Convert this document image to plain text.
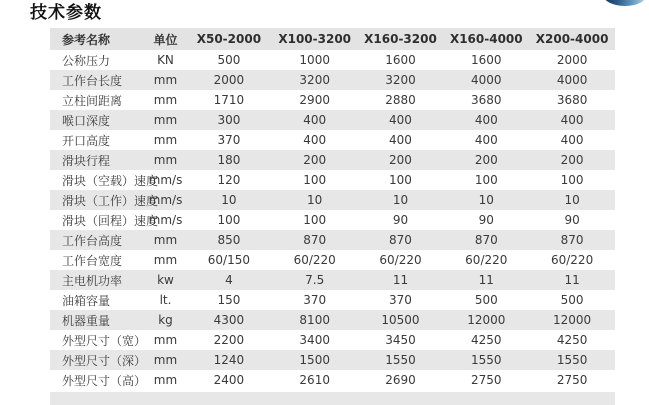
技术参数
参考名称	单位	X50-2000	X100-3200	X160-3200	X160-4000	X200-4000
公称压力	KN	500	1000	1600	1600	2000
工作台长度	mm	2000	3200	3200	4000	4000
立柱间距离	mm	1710	2900	2880	3680	3680
喉口深度	mm	300	400	400	400	400
开口高度	mm	370	400	400	400	400
滑块行程	mm	180	200	200	200	200
滑块（空载）速度	mm/s	120	100	100	100	100
滑块（工作）速度	mm/s	10	10	10	10	10
滑块（回程）速度	mm/s	100	100	90	90	90
工作台高度	mm	850	870	870	870	870
工作台宽度	mm	60/150	60/220	60/220	60/220	60/220
主电机功率	kw	4	7.5	11	11	11
油箱容量	lt.	150	370	370	500	500
机器重量	kg	4300	8100	10500	12000	12000
外型尺寸（宽）	mm	2200	3400	3450	4250	4250
外型尺寸（深）	mm	1240	1500	1550	1550	1550
外型尺寸（高）	mm	2400	2610	2690	2750	2750
